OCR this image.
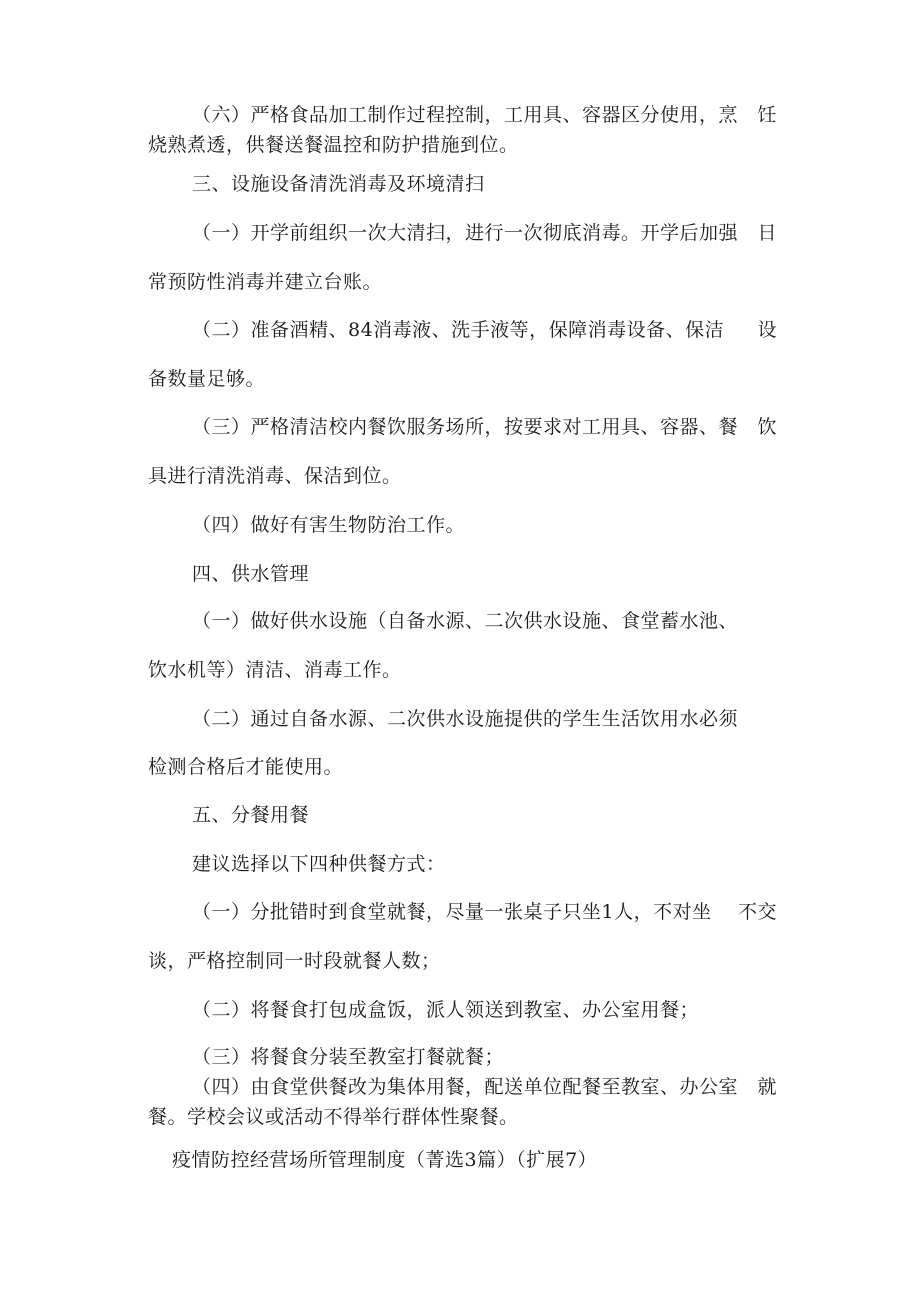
（六）严格食品加工制作过程控制，工用具、容器区分使用，烹 饪
烧熟煮透，供餐送餐温控和防护措施到位。
三、设施设备清洗消毒及环境清扫
（一）开学前组织一次大清扫，进行一次彻底消毒。开学后加强 日
常预防性消毒并建立台账。
（二）准备酒精、84消毒液、洗手液等，保障消毒设备、保洁 设
备数量足够。
（三）严格清洁校内餐饮服务场所，按要求对工用具、容器、餐 饮
具进行清洗消毒、保洁到位。
（四）做好有害生物防治工作。
四、供水管理
（一）做好供水设施（自备水源、二次供水设施、食堂蓄水池、
饮水机等）清洁、消毒工作。
（二）通过自备水源、二次供水设施提供的学生生活饮用水必须
检测合格后才能使用。
五、分餐用餐
建议选择以下四种供餐方式：
（一）分批错时到食堂就餐，尽量一张桌子只坐1人，不对坐 不交
谈，严格控制同一时段就餐人数；
（二）将餐食打包成盒饭，派人领送到教室、办公室用餐；
（三）将餐食分装至教室打餐就餐；
（四）由食堂供餐改为集体用餐，配送单位配餐至教室、办公室 就
餐。学校会议或活动不得举行群体性聚餐。
疫情防控经营场所管理制度（菁选3篇）（扩展7）
